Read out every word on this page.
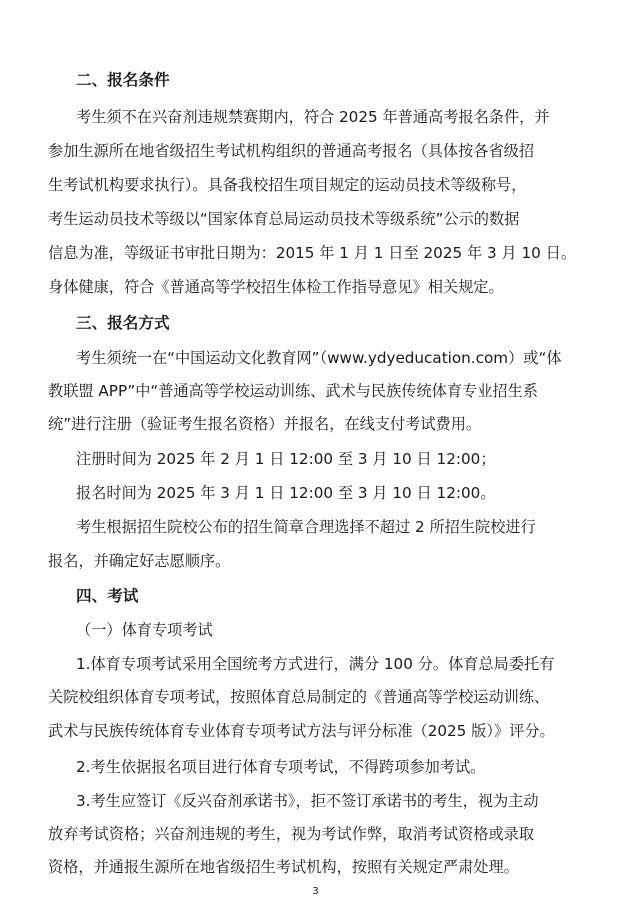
二、报名条件
考生须不在兴奋剂违规禁赛期内，符合 2025 年普通高考报名条件，并
参加生源所在地省级招生考试机构组织的普通高考报名（具体按各省级招
生考试机构要求执行）。具备我校招生项目规定的运动员技术等级称号，
考生运动员技术等级以“国家体育总局运动员技术等级系统”公示的数据
信息为准，等级证书审批日期为：2015 年 1 月 1 日至 2025 年 3 月 10 日。
身体健康，符合《普通高等学校招生体检工作指导意见》相关规定。
三、报名方式
考生须统一在“中国运动文化教育网”（www.ydyeducation.com）或“体
教联盟 APP”中“普通高等学校运动训练、武术与民族传统体育专业招生系
统”进行注册（验证考生报名资格）并报名，在线支付考试费用。
注册时间为 2025 年 2 月 1 日 12:00 至 3 月 10 日 12:00；
报名时间为 2025 年 3 月 1 日 12:00 至 3 月 10 日 12:00。
考生根据招生院校公布的招生简章合理选择不超过 2 所招生院校进行
报名，并确定好志愿顺序。
四、考试
（一）体育专项考试
1.体育专项考试采用全国统考方式进行，满分 100 分。体育总局委托有
关院校组织体育专项考试，按照体育总局制定的《普通高等学校运动训练、
武术与民族传统体育专业体育专项考试方法与评分标准（2025 版）》评分。
2.考生依据报名项目进行体育专项考试，不得跨项参加考试。
3.考生应签订《反兴奋剂承诺书》，拒不签订承诺书的考生，视为主动
放弃考试资格；兴奋剂违规的考生，视为考试作弊，取消考试资格或录取
资格，并通报生源所在地省级招生考试机构，按照有关规定严肃处理。
3
